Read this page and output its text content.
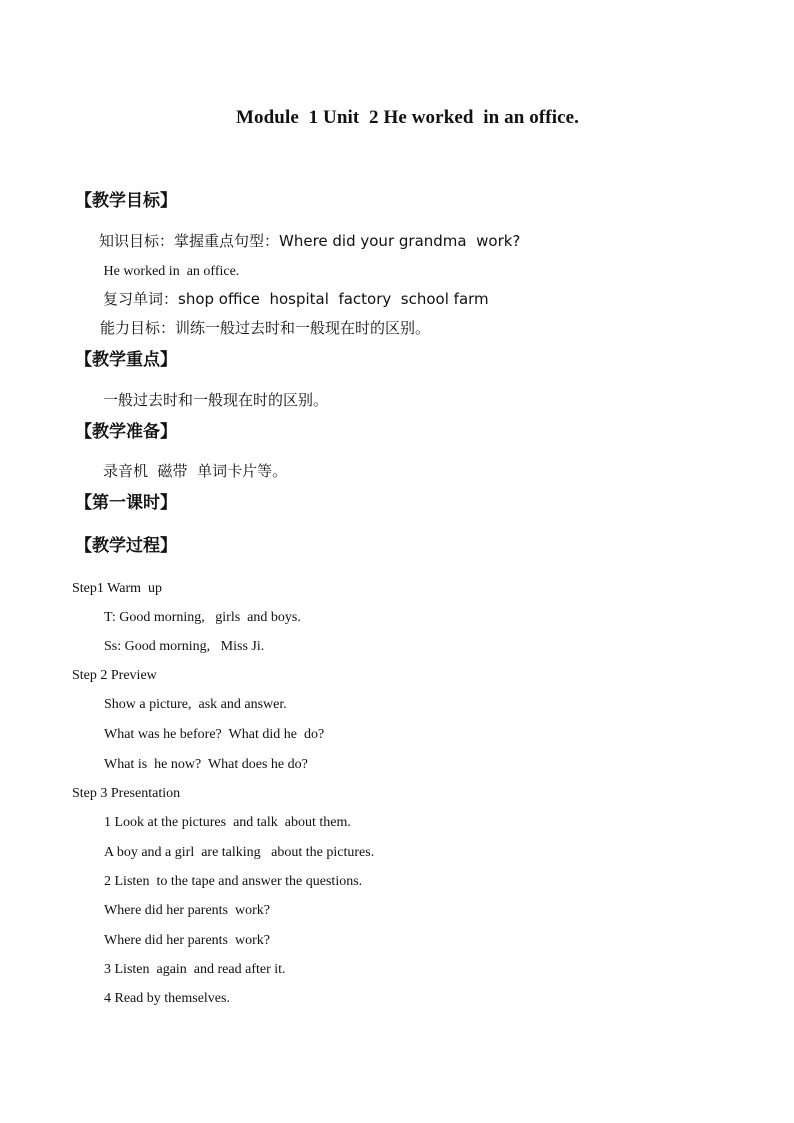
Module  1 Unit  2 He worked  in an office.
【教学目标】
知识目标：掌握重点句型：Where did your grandma  work?
He worked in  an office.
复习单词：shop office  hospital  factory  school farm
能力目标：训练一般过去时和一般现在时的区别。
【教学重点】
一般过去时和一般现在时的区别。
【教学准备】
录音机  磁带  单词卡片等。
【第一课时】
【教学过程】
Step1 Warm  up
T: Good morning,   girls  and boys.
Ss: Good morning,   Miss Ji.
Step 2 Preview
Show a picture,  ask and answer.
What was he before?  What did he  do?
What is  he now?  What does he do?
Step 3 Presentation
1 Look at the pictures  and talk  about them.
A boy and a girl  are talking   about the pictures.
2 Listen  to the tape and answer the questions.
Where did her parents  work?
Where did her parents  work?
3 Listen  again  and read after it.
4 Read by themselves.
